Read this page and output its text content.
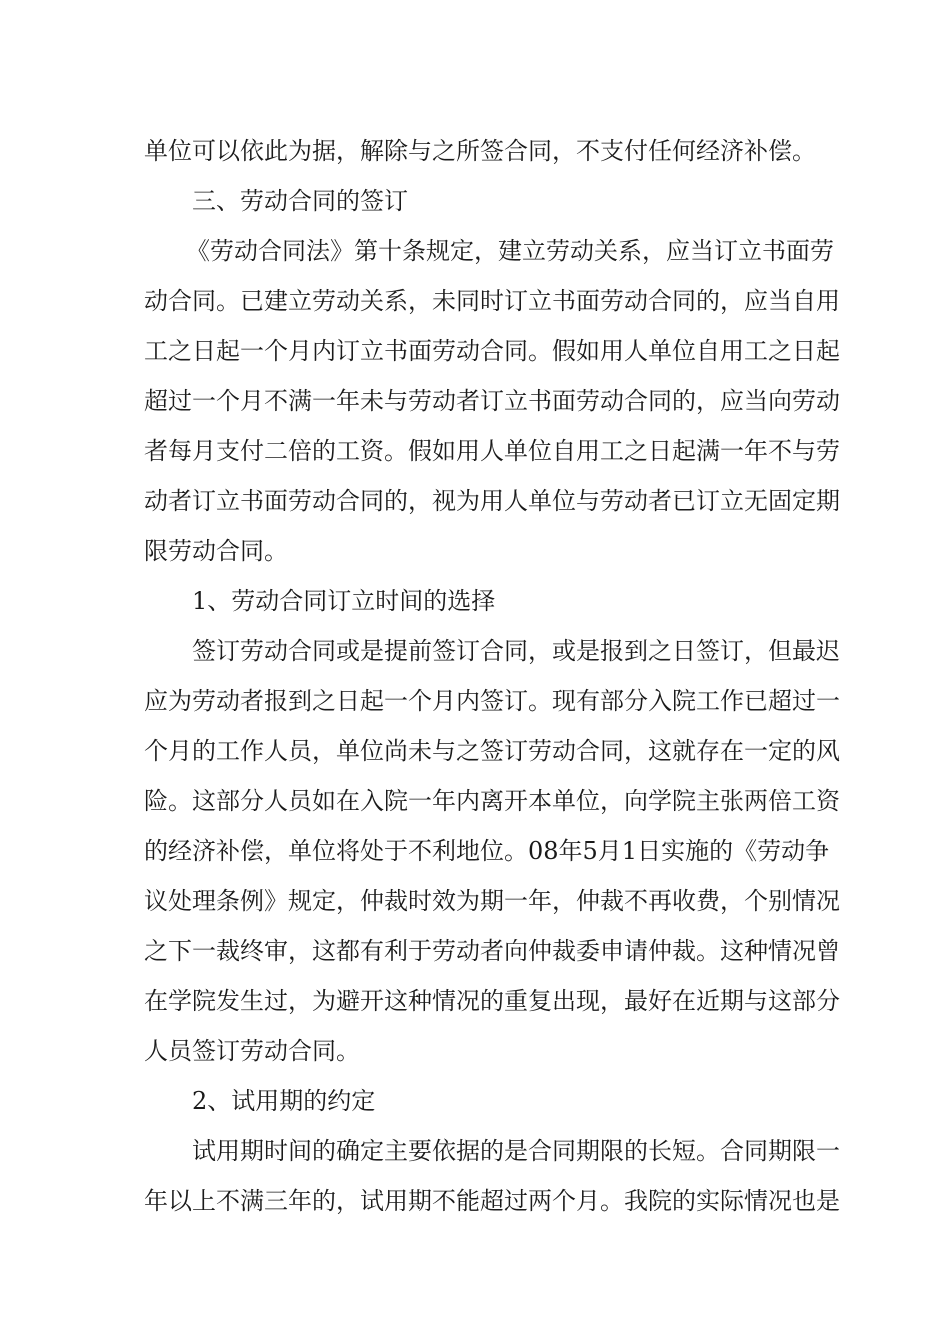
单位可以依此为据，解除与之所签合同，不支付任何经济补偿。
三、劳动合同的签订
《劳动合同法》第十条规定，建立劳动关系，应当订立书面劳
动合同。已建立劳动关系，未同时订立书面劳动合同的，应当自用
工之日起一个月内订立书面劳动合同。假如用人单位自用工之日起
超过一个月不满一年未与劳动者订立书面劳动合同的，应当向劳动
者每月支付二倍的工资。假如用人单位自用工之日起满一年不与劳
动者订立书面劳动合同的，视为用人单位与劳动者已订立无固定期
限劳动合同。
1、劳动合同订立时间的选择
签订劳动合同或是提前签订合同，或是报到之日签订，但最迟
应为劳动者报到之日起一个月内签订。现有部分入院工作已超过一
个月的工作人员，单位尚未与之签订劳动合同，这就存在一定的风
险。这部分人员如在入院一年内离开本单位，向学院主张两倍工资
的经济补偿，单位将处于不利地位。08年5月1日实施的《劳动争
议处理条例》规定，仲裁时效为期一年，仲裁不再收费，个别情况
之下一裁终审，这都有利于劳动者向仲裁委申请仲裁。这种情况曾
在学院发生过，为避开这种情况的重复出现，最好在近期与这部分
人员签订劳动合同。
2、试用期的约定
试用期时间的确定主要依据的是合同期限的长短。合同期限一
年以上不满三年的，试用期不能超过两个月。我院的实际情况也是
